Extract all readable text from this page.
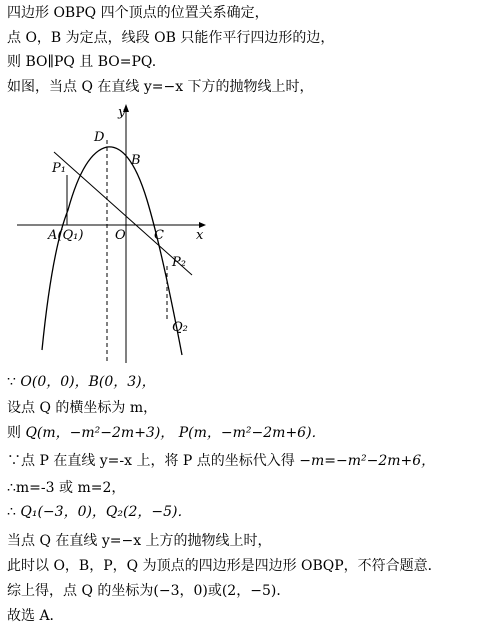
四边形 OBPQ 四个顶点的位置关系确定，
点 O，B 为定点，线段 OB 只能作平行四边形的边，
则 BO∥PQ 且 BO=PQ.
如图，当点 Q 在直线 y=−x 下方的抛物线上时，
y
x
D
B
P₁
A(Q₁) O C
P₂
Q₂
∵ O(0，0)，B(0，3)，
设点 Q 的横坐标为 m，
则 Q(m，−m²−2m+3)， P(m，−m²−2m+6)．
∵点 P 在直线 y=-x 上，将 P 点的坐标代入得 −m=−m²−2m+6，
∴m=-3 或 m=2，
∴ Q₁(−3，0)，Q₂(2，−5)．
当点 Q 在直线 y=−x 上方的抛物线上时，
此时以 O，B，P，Q 为顶点的四边形是四边形 OBQP，不符合题意．
综上得，点 Q 的坐标为(−3，0)或(2，−5)．
故选 A．
